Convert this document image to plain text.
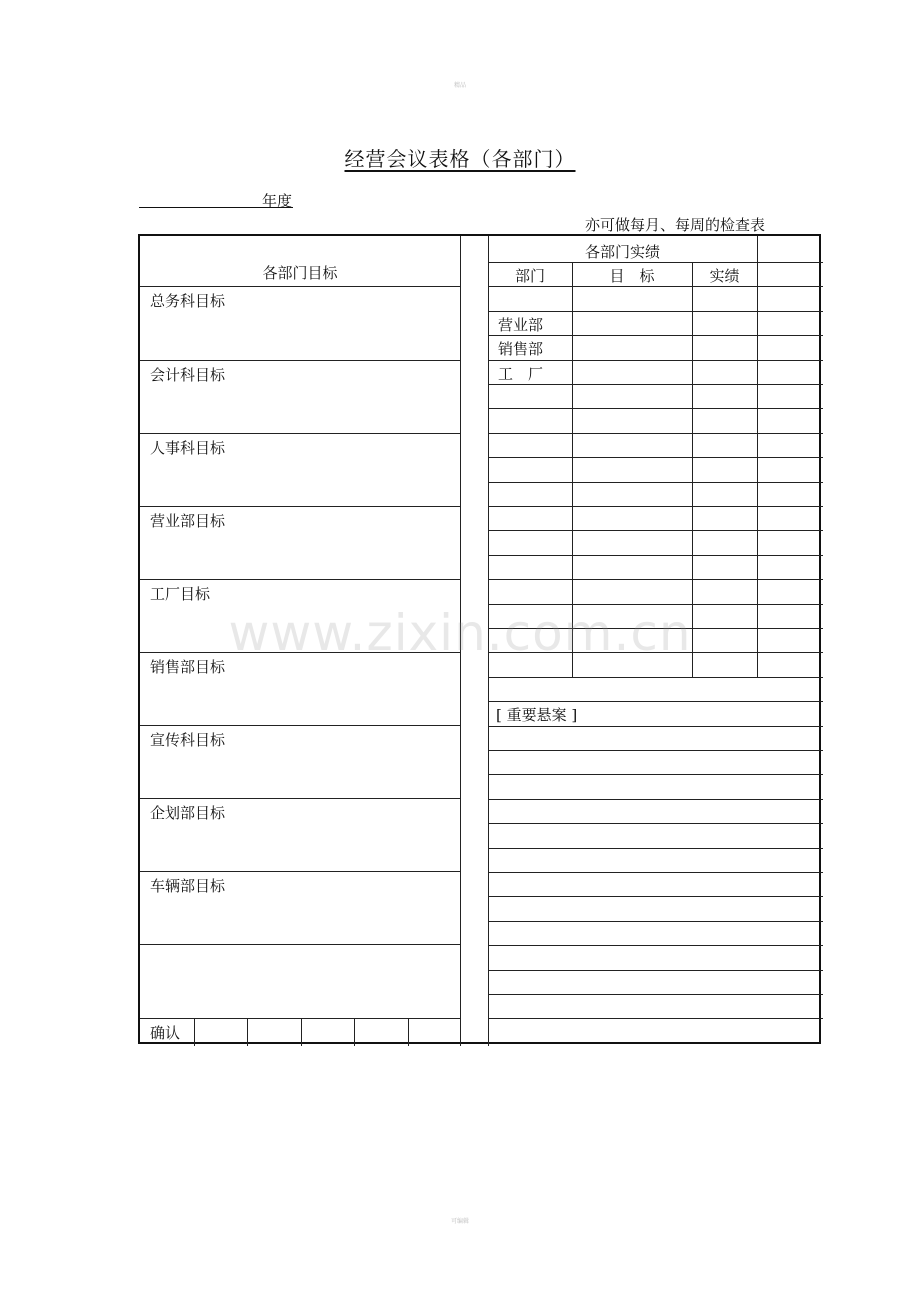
精品
经营会议表格（各部门）
年度
亦可做每月、每周的检查表
各部门目标
总务科目标
会计科目标
人事科目标
营业部目标
工厂目标
销售部目标
宣传科目标
企划部目标
车辆部目标
确认
各部门实绩
部门	目　标	实绩
营业部
销售部
工　厂
[ 重要悬案 ]
www.zixin.com.cn
可编辑
